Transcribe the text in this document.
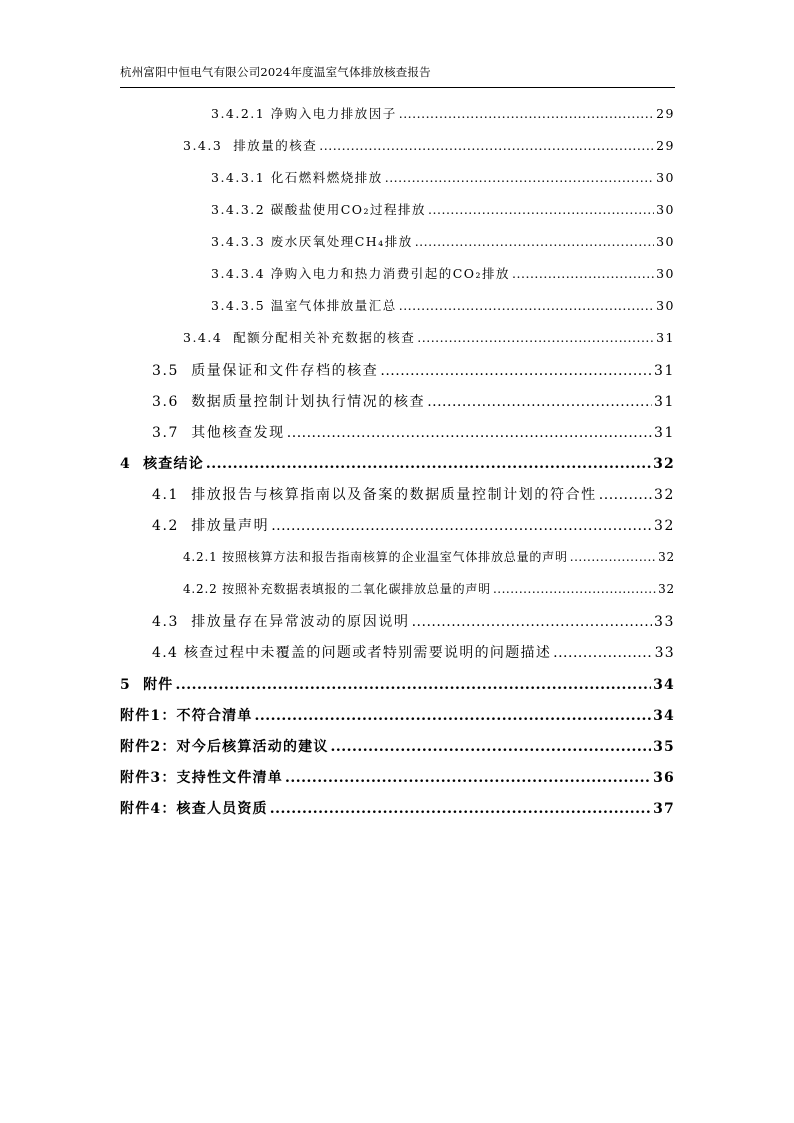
杭州富阳中恒电气有限公司2024年度温室气体排放核查报告
3.4.2.1 净购入电力排放因子 .....	29
3.4.3 排放量的核查 .....	29
3.4.3.1 化石燃料燃烧排放 .....	30
3.4.3.2 碳酸盐使用CO₂过程排放 .....	30
3.4.3.3 废水厌氧处理CH₄排放 .....	30
3.4.3.4 净购入电力和热力消费引起的CO₂排放 .....	30
3.4.3.5 温室气体排放量汇总 .....	30
3.4.4 配额分配相关补充数据的核查 .....	31
3.5 质量保证和文件存档的核查 .....	31
3.6 数据质量控制计划执行情况的核查 .....	31
3.7 其他核查发现 .....	31
4 核查结论 .....	32
4.1 排放报告与核算指南以及备案的数据质量控制计划的符合性 .....	32
4.2 排放量声明 .....	32
4.2.1 按照核算方法和报告指南核算的企业温室气体排放总量的声明 .....	32
4.2.2 按照补充数据表填报的二氧化碳排放总量的声明 .....	32
4.3 排放量存在异常波动的原因说明 .....	33
4.4 核查过程中未覆盖的问题或者特别需要说明的问题描述 .....	33
5 附件 .....	34
附件1：不符合清单 .....	34
附件2：对今后核算活动的建议 .....	35
附件3：支持性文件清单 .....	36
附件4：核查人员资质 .....	37
